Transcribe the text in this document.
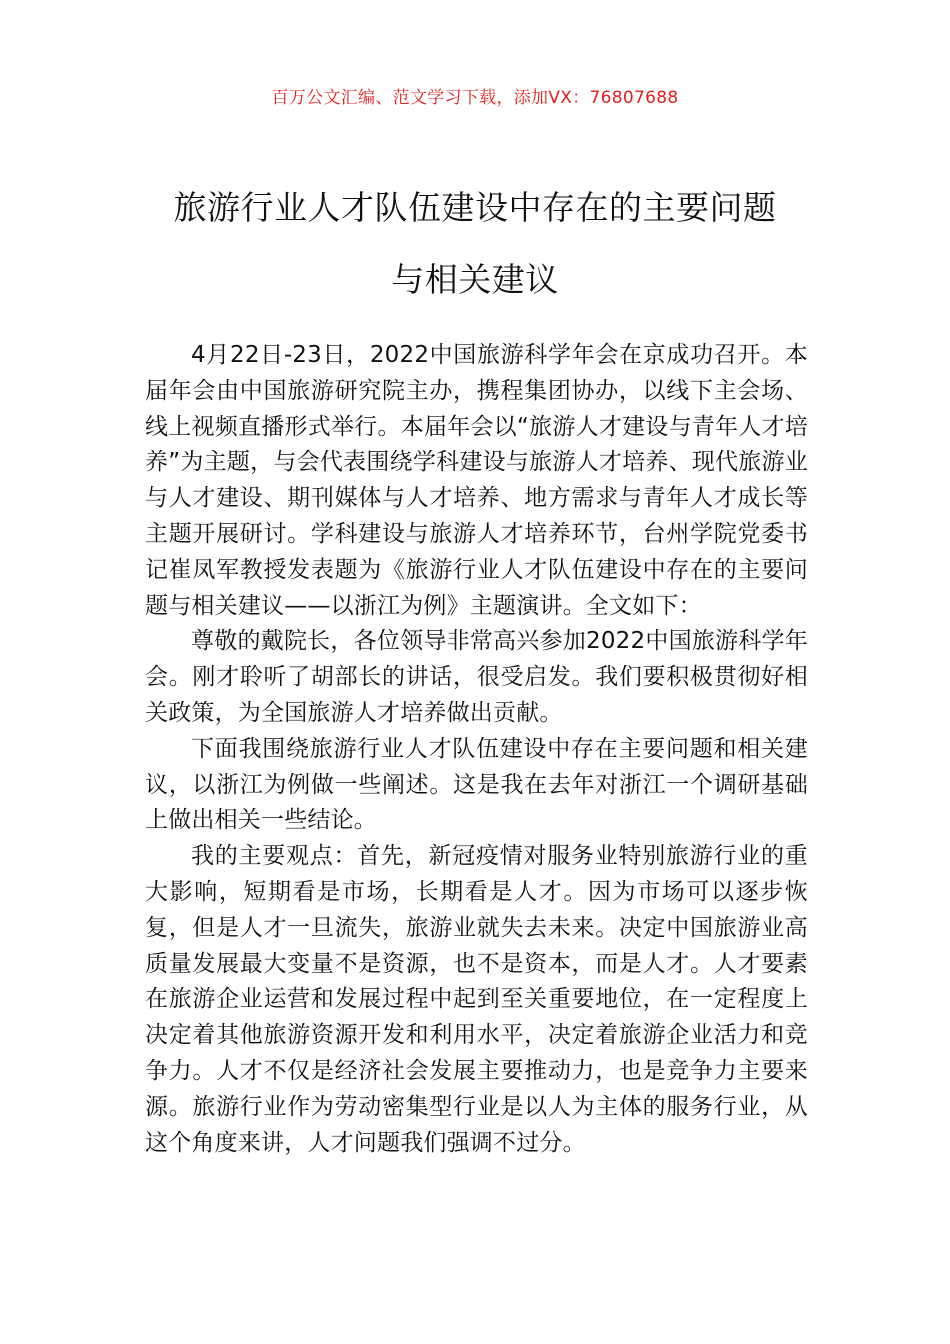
百万公文汇编、范文学习下载，添加VX：76807688
旅游行业人才队伍建设中存在的主要问题
与相关建议

4月22日-23日，2022中国旅游科学年会在京成功召开。本届年会由中国旅游研究院主办，携程集团协办，以线下主会场、线上视频直播形式举行。本届年会以“旅游人才建设与青年人才培养”为主题，与会代表围绕学科建设与旅游人才培养、现代旅游业与人才建设、期刊媒体与人才培养、地方需求与青年人才成长等主题开展研讨。学科建设与旅游人才培养环节，台州学院党委书记崔凤军教授发表题为《旅游行业人才队伍建设中存在的主要问题与相关建议——以浙江为例》主题演讲。全文如下：

尊敬的戴院长，各位领导非常高兴参加2022中国旅游科学年会。刚才聆听了胡部长的讲话，很受启发。我们要积极贯彻好相关政策，为全国旅游人才培养做出贡献。

下面我围绕旅游行业人才队伍建设中存在主要问题和相关建议，以浙江为例做一些阐述。这是我在去年对浙江一个调研基础上做出相关一些结论。

我的主要观点：首先，新冠疫情对服务业特别旅游行业的重大影响，短期看是市场，长期看是人才。因为市场可以逐步恢复，但是人才一旦流失，旅游业就失去未来。决定中国旅游业高质量发展最大变量不是资源，也不是资本，而是人才。人才要素在旅游企业运营和发展过程中起到至关重要地位，在一定程度上决定着其他旅游资源开发和利用水平，决定着旅游企业活力和竞争力。人才不仅是经济社会发展主要推动力，也是竞争力主要来源。旅游行业作为劳动密集型行业是以人为主体的服务行业，从这个角度来讲，人才问题我们强调不过分。
